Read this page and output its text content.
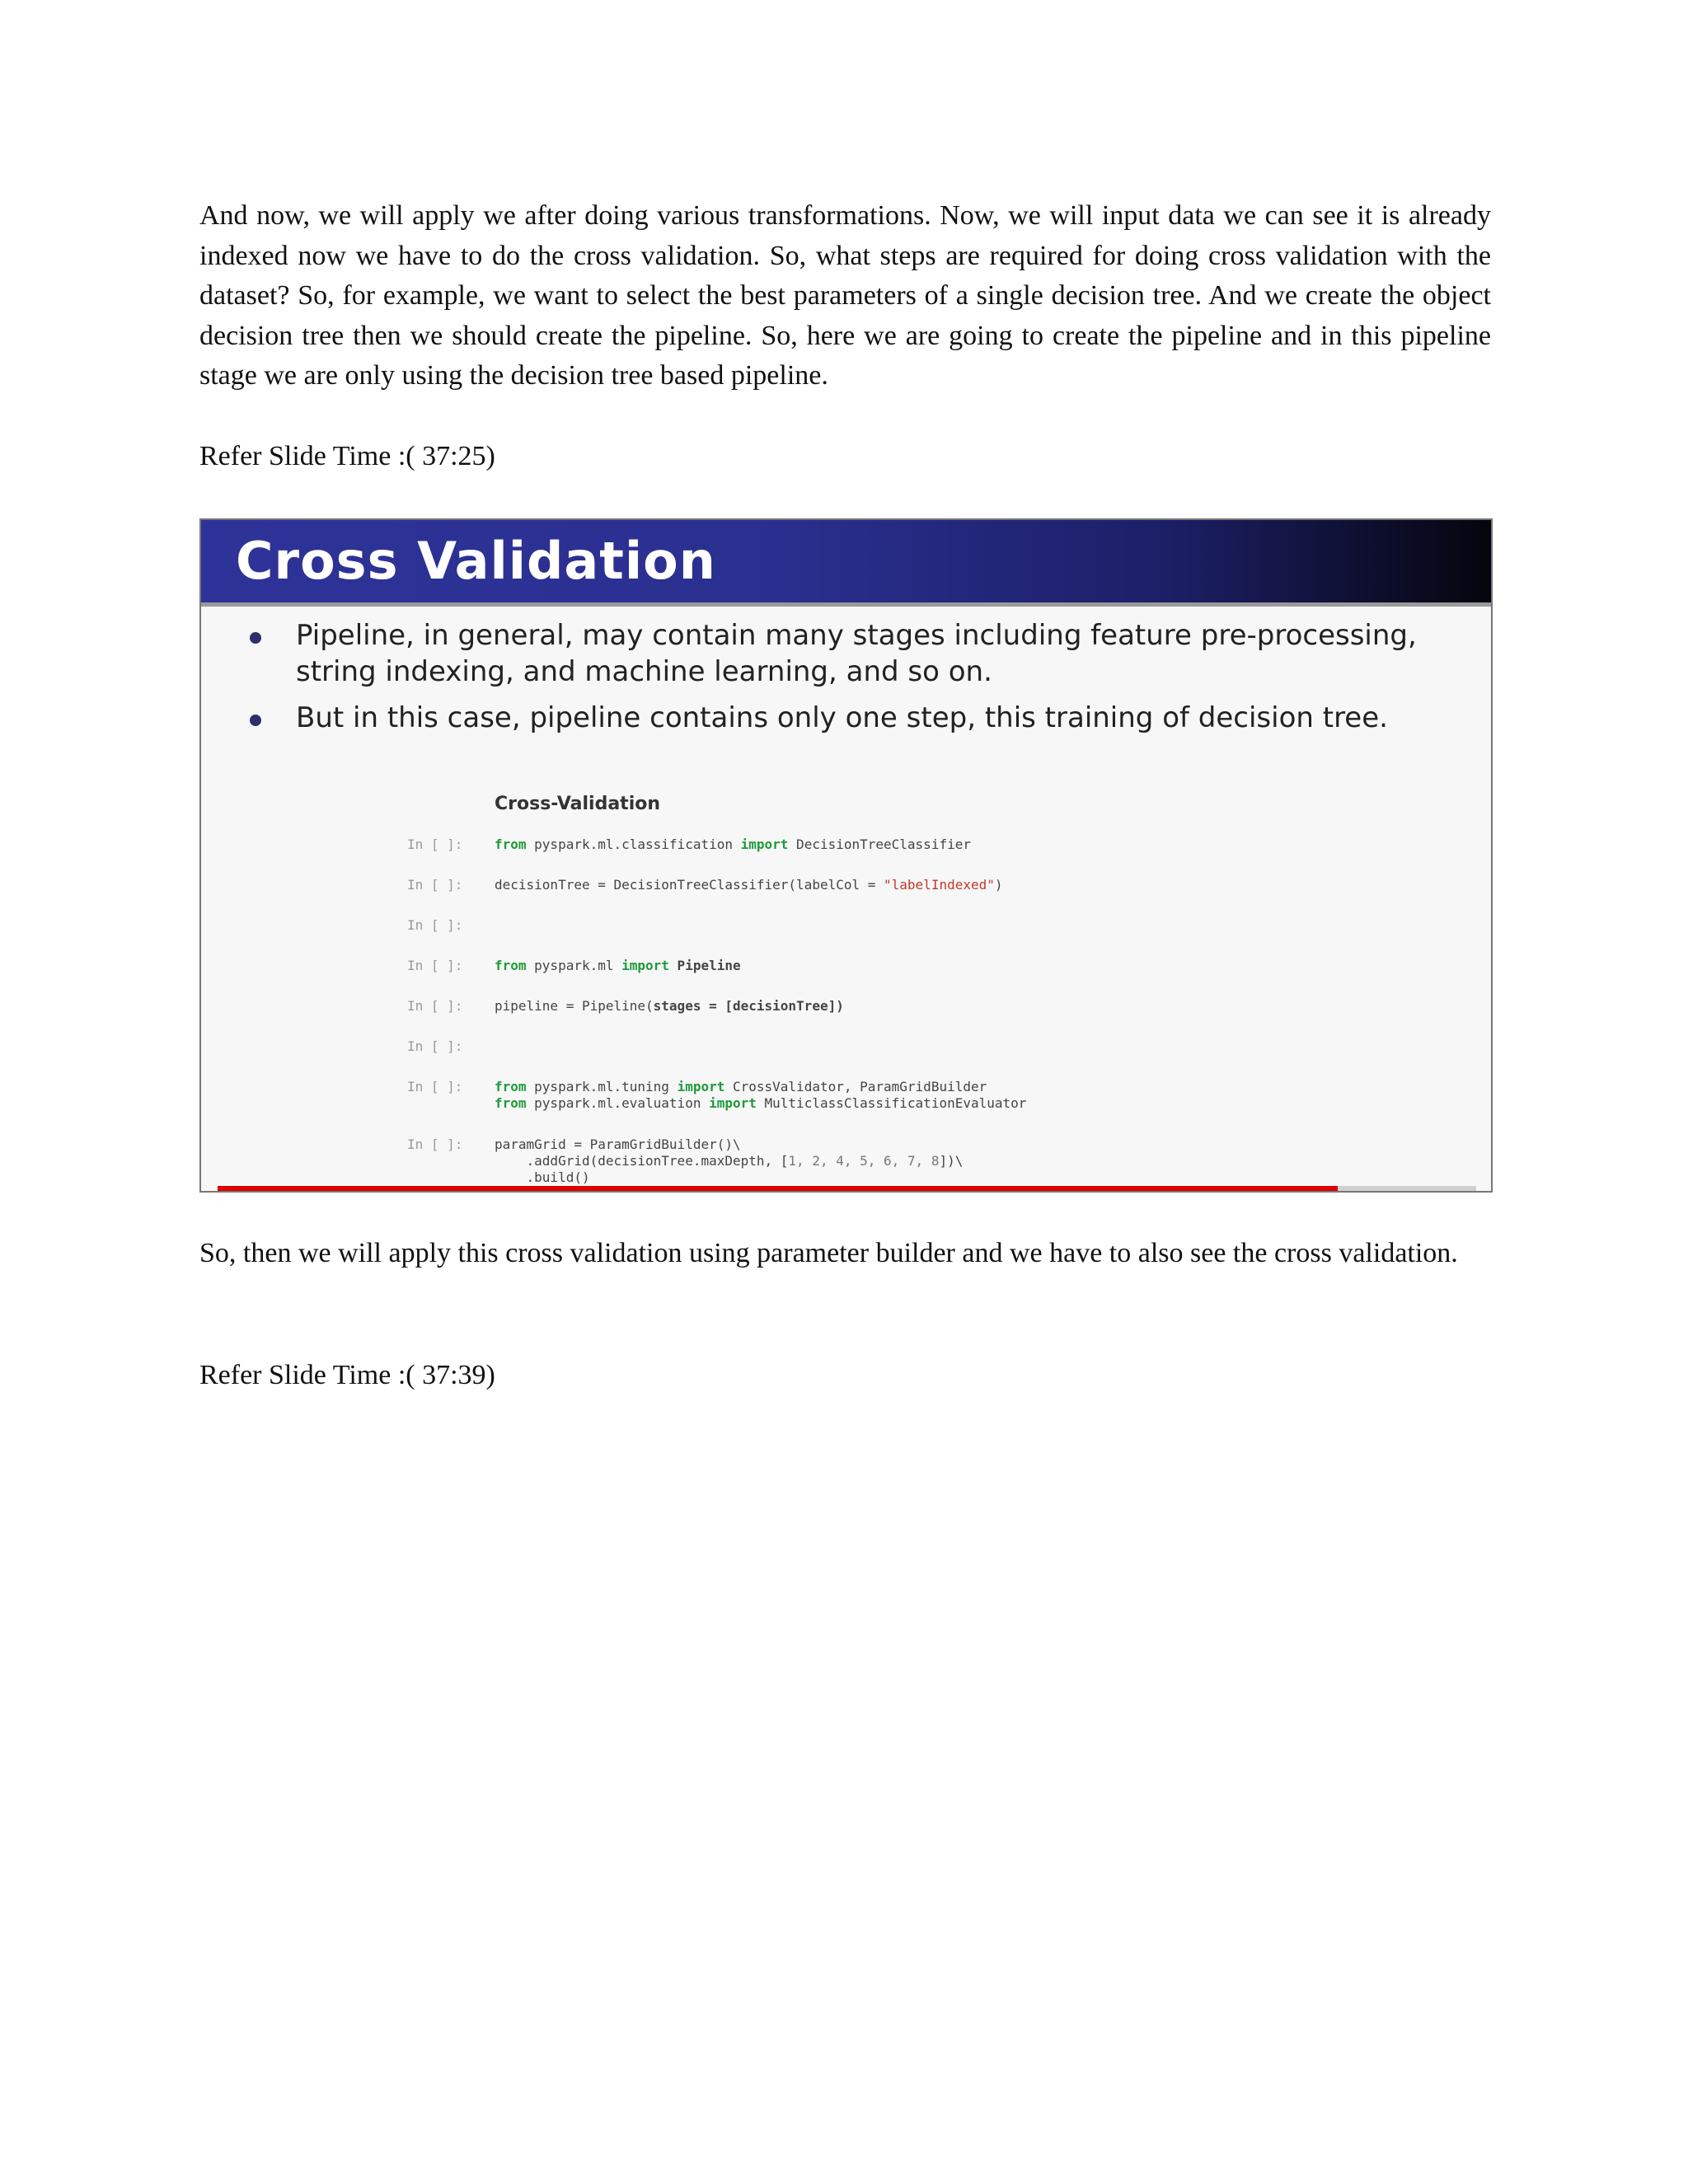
And now, we will apply we after doing various transformations. Now, we will input data we can see it is already indexed now we have to do the cross validation. So, what steps are required for doing cross validation with the dataset? So, for example, we want to select the best parameters of a single decision tree. And we create the object decision tree then we should create the pipeline. So, here we are going to create the pipeline and in this pipeline stage we are only using the decision tree based pipeline.

Refer Slide Time :( 37:25)

Cross Validation
Pipeline, in general, may contain many stages including feature pre-processing, string indexing, and machine learning, and so on.
But in this case, pipeline contains only one step, this training of decision tree.
Cross-Validation
In [ ]: from pyspark.ml.classification import DecisionTreeClassifier
In [ ]: decisionTree = DecisionTreeClassifier(labelCol = "labelIndexed")
In [ ]:
In [ ]: from pyspark.ml import Pipeline
In [ ]: pipeline = Pipeline(stages = [decisionTree])
In [ ]:
In [ ]: from pyspark.ml.tuning import CrossValidator, ParamGridBuilder
from pyspark.ml.evaluation import MulticlassClassificationEvaluator
In [ ]: paramGrid = ParamGridBuilder()\
.addGrid(decisionTree.maxDepth, [1, 2, 4, 5, 6, 7, 8])\
.build()

So, then we will apply this cross validation using parameter builder and we have to also see the cross validation.

Refer Slide Time :( 37:39)
